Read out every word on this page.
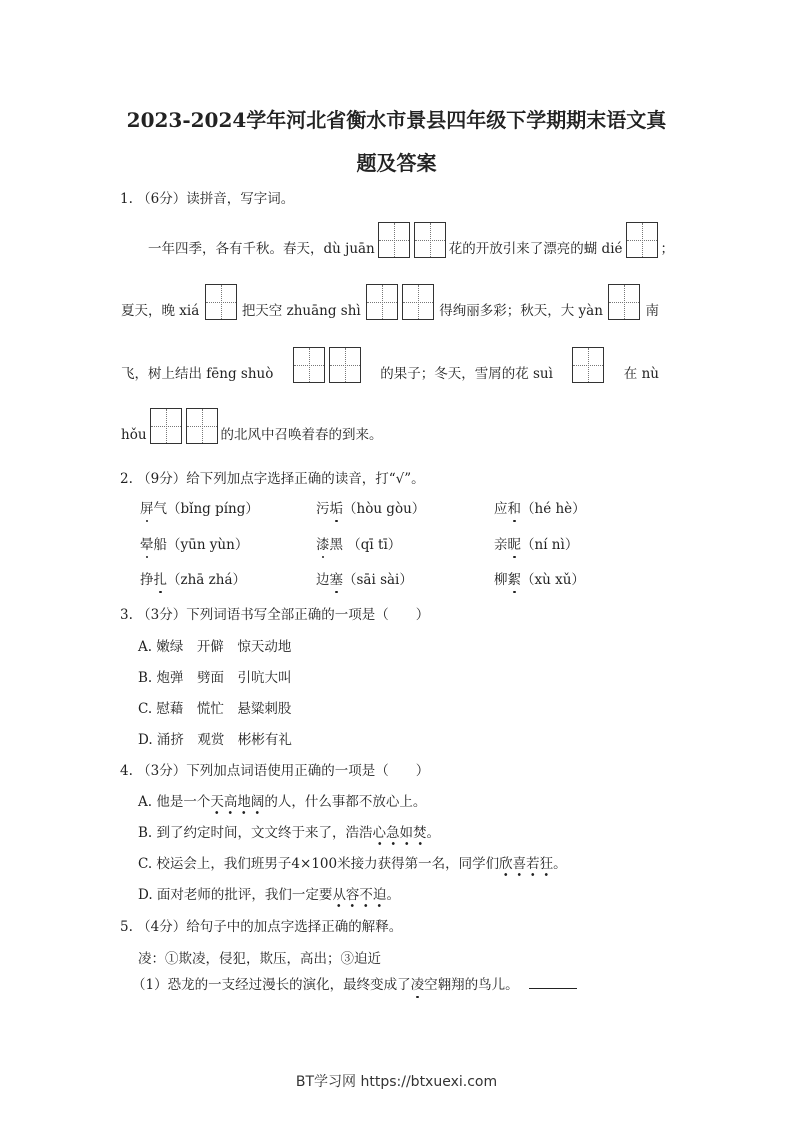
2023-2024学年河北省衡水市景县四年级下学期期末语文真
题及答案
1. （6分）读拼音，写字词。
　　一年四季，各有千秋。春天，dù juān	花的开放引来了漂亮的蝴 dié	；
夏天，晚 xiá	把天空 zhuāng shì	得绚丽多彩；秋天，大 yàn	南
飞，树上结出 fēng shuò	的果子；冬天，雪屑的花 suì	在 nù
hǒu	的北风中召唤着春的到来。
2. （9分）给下列加点字选择正确的读音，打“√”。
屏气（bǐng píng）	污垢（hòu gòu）	应和（hé hè）
晕船（yūn yùn）	漆黑 （qī tī）	亲昵（ní nì）
挣扎（zhā zhá）	边塞（sāi sài）	柳絮（xù xǔ）
3. （3分）下列词语书写全部正确的一项是（　　）
A. 嫩绿　开僻　惊天动地
B. 炮弹　劈面　引吭大叫
C. 慰藉　慌忙　悬粱刺股
D. 涌挤　观赏　彬彬有礼
4. （3分）下列加点词语使用正确的一项是（　　）
A. 他是一个天高地阔的人，什么事都不放心上。
B. 到了约定时间，文文终于来了，浩浩心急如焚。
C. 校运会上，我们班男子4×100米接力获得第一名，同学们欣喜若狂。
D. 面对老师的批评，我们一定要从容不迫。
5. （4分）给句子中的加点字选择正确的解释。
凌：①欺凌，侵犯，欺压，高出；③迫近
（1）恐龙的一支经过漫长的演化，最终变成了凌空翱翔的鸟儿。
BT学习网 https://btxuexi.com
